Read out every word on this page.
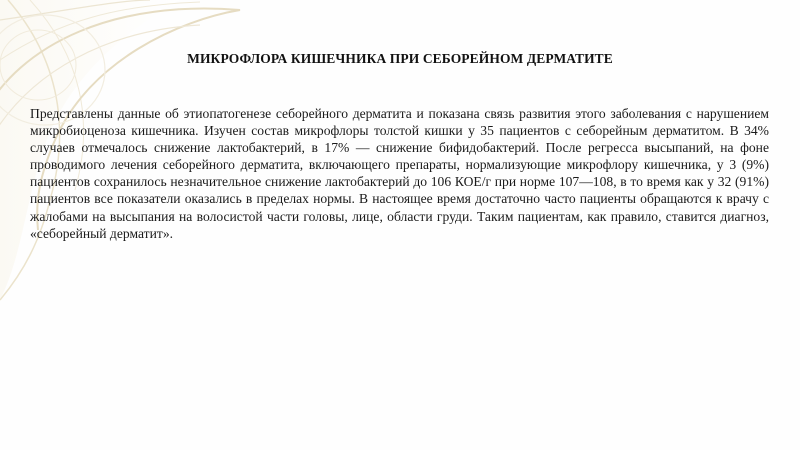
МИКРОФЛОРА КИШЕЧНИКА ПРИ СЕБОРЕЙНОМ ДЕРМАТИТЕ

Представлены данные об этиопатогенезе себорейного дерматита и показана связь развития этого заболевания с нарушением микробиоценоза кишечника. Изучен состав микрофлоры толстой кишки у 35 пациентов с себорейным дерматитом. В 34% случаев отмечалось снижение лактобактерий, в 17% — снижение бифидобактерий. После регресса высыпаний, на фоне проводимого лечения себорейного дерматита, включающего препараты, нормализующие микрофлору кишечника, у 3 (9%) пациентов сохранилось незначительное снижение лактобактерий до 106 КОЕ/г при норме 107—108, в то время как у 32 (91%) пациентов все показатели оказались в пределах нормы. В настоящее время достаточно часто пациенты обращаются к врачу с жалобами на высыпания на волосистой части головы, лице, области груди. Таким пациентам, как правило, ставится диагноз, «себорейный дерматит».
